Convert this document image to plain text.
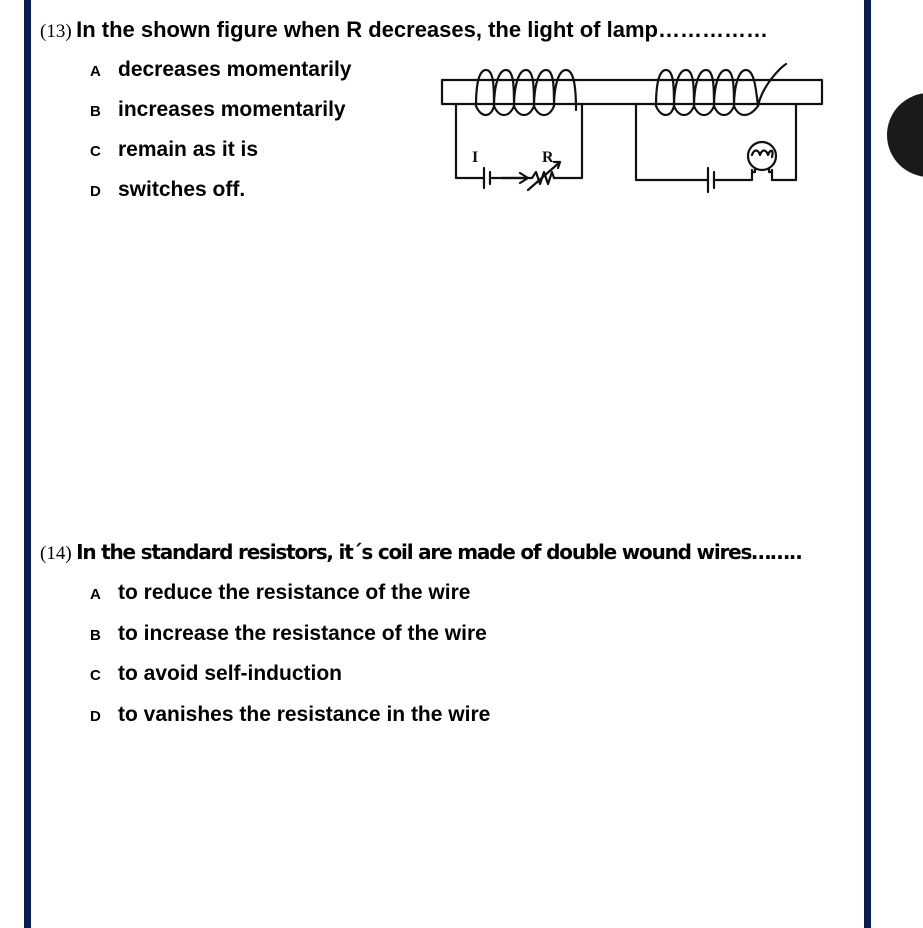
(13) In the shown figure when R decreases, the light of lamp……………
A decreases momentarily
B increases momentarily
C remain as it is
D switches off.
I	R
(14) In the standard resistors, it´s coil are made of double wound wires……..
A to reduce the resistance of the wire
B to increase the resistance of the wire
C to avoid self-induction
D to vanishes the resistance in the wire
